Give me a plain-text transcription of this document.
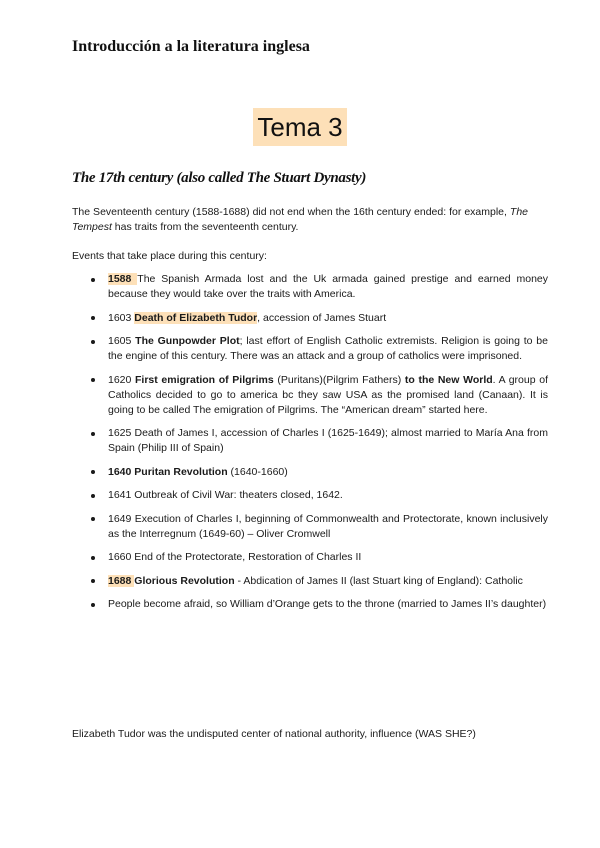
Introducción a la literatura inglesa
Tema 3
The 17th century (also called The Stuart Dynasty)
The Seventeenth century (1588-1688) did not end when the 16th century ended: for example, The Tempest has traits from the seventeenth century.
Events that take place during this century:
1588 The Spanish Armada lost and the Uk armada gained prestige and earned money because they would take over the traits with America.
1603 Death of Elizabeth Tudor, accession of James Stuart
1605 The Gunpowder Plot; last effort of English Catholic extremists. Religion is going to be the engine of this century. There was an attack and a group of catholics were imprisoned.
1620 First emigration of Pilgrims (Puritans)(Pilgrim Fathers) to the New World. A group of Catholics decided to go to america bc they saw USA as the promised land (Canaan). It is going to be called The emigration of Pilgrims. The “American dream” started here.
1625 Death of James I, accession of Charles I (1625-1649); almost married to María Ana from Spain (Philip III of Spain)
1640 Puritan Revolution (1640-1660)
1641 Outbreak of Civil War: theaters closed, 1642.
1649 Execution of Charles I, beginning of Commonwealth and Protectorate, known inclusively as the Interregnum (1649-60) – Oliver Cromwell
1660 End of the Protectorate, Restoration of Charles II
1688 Glorious Revolution - Abdication of James II (last Stuart king of England): Catholic
People become afraid, so William d’Orange gets to the throne (married to James II’s daughter)
Elizabeth Tudor was the undisputed center of national authority, influence (WAS SHE?)
